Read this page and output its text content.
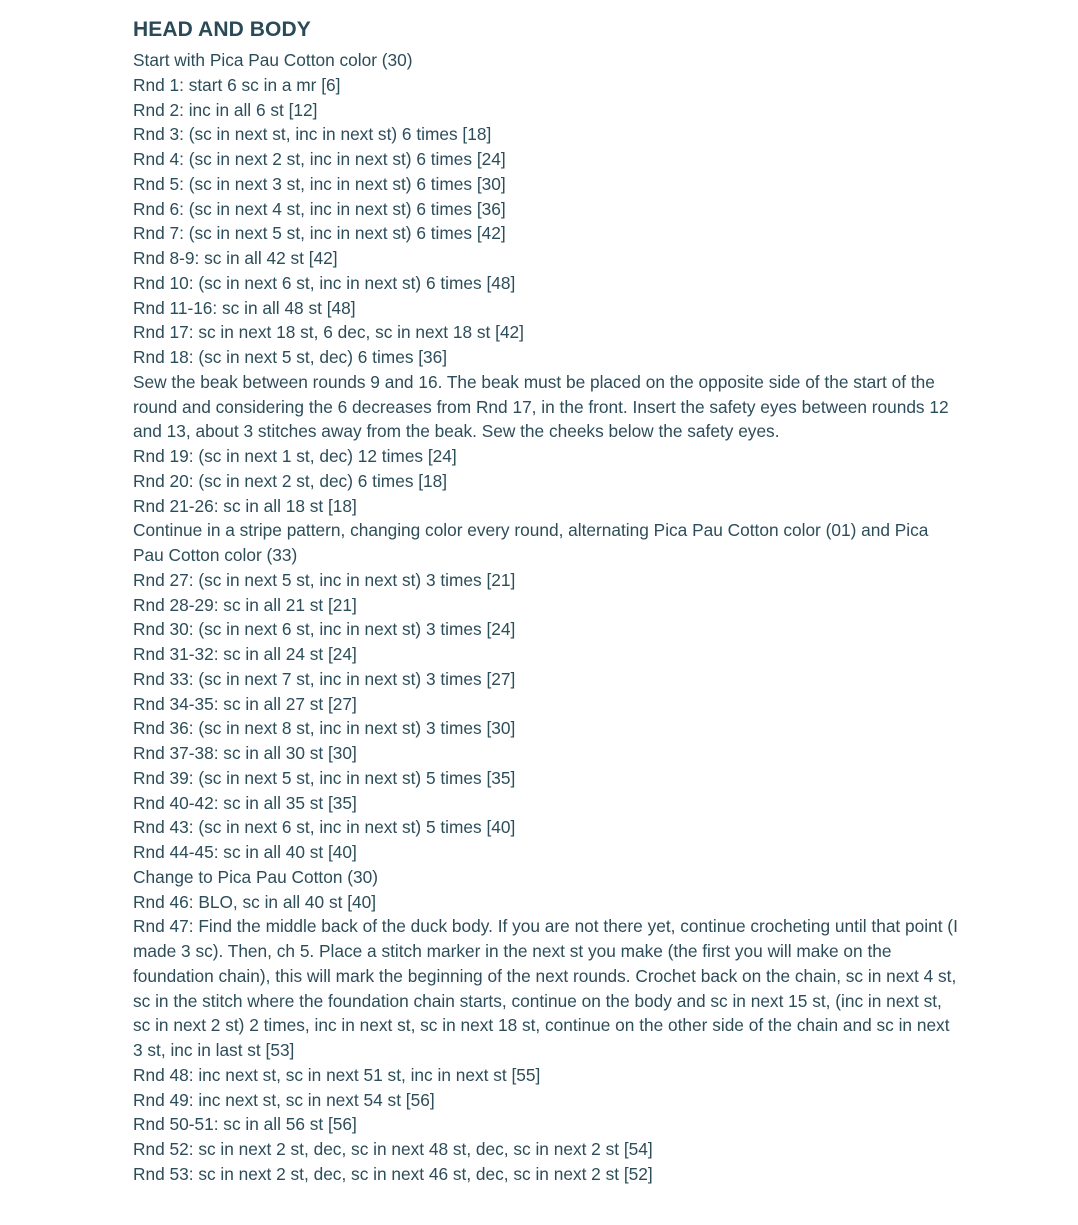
HEAD AND BODY

Start with Pica Pau Cotton color (30)

Rnd 1: start 6 sc in a mr [6]

Rnd 2: inc in all 6 st [12]

Rnd 3: (sc in next st, inc in next st) 6 times [18]

Rnd 4: (sc in next 2 st, inc in next st) 6 times [24]

Rnd 5: (sc in next 3 st, inc in next st) 6 times [30]

Rnd 6: (sc in next 4 st, inc in next st) 6 times [36]

Rnd 7: (sc in next 5 st, inc in next st) 6 times [42]

Rnd 8-9: sc in all 42 st [42]

Rnd 10: (sc in next 6 st, inc in next st) 6 times [48]

Rnd 11-16: sc in all 48 st [48]

Rnd 17: sc in next 18 st, 6 dec, sc in next 18 st [42]

Rnd 18: (sc in next 5 st, dec) 6 times [36]

Sew the beak between rounds 9 and 16. The beak must be placed on the opposite side of the start of the round and considering the 6 decreases from Rnd 17, in the front. Insert the safety eyes between rounds 12 and 13, about 3 stitches away from the beak. Sew the cheeks below the safety eyes.

Rnd 19: (sc in next 1 st, dec) 12 times [24]

Rnd 20: (sc in next 2 st, dec) 6 times [18]

Rnd 21-26: sc in all 18 st [18]

Continue in a stripe pattern, changing color every round, alternating Pica Pau Cotton color (01) and Pica Pau Cotton color (33)

Rnd 27: (sc in next 5 st, inc in next st) 3 times [21]

Rnd 28-29: sc in all 21 st [21]

Rnd 30: (sc in next 6 st, inc in next st) 3 times [24]

Rnd 31-32: sc in all 24 st [24]

Rnd 33: (sc in next 7 st, inc in next st) 3 times [27]

Rnd 34-35: sc in all 27 st [27]

Rnd 36: (sc in next 8 st, inc in next st) 3 times [30]

Rnd 37-38: sc in all 30 st [30]

Rnd 39: (sc in next 5 st, inc in next st) 5 times [35]

Rnd 40-42: sc in all 35 st [35]

Rnd 43: (sc in next 6 st, inc in next st) 5 times [40]

Rnd 44-45: sc in all 40 st [40]

Change to Pica Pau Cotton (30)

Rnd 46: BLO, sc in all 40 st [40]

Rnd 47: Find the middle back of the duck body. If you are not there yet, continue crocheting until that point (I made 3 sc). Then, ch 5. Place a stitch marker in the next st you make (the first you will make on the foundation chain), this will mark the beginning of the next rounds. Crochet back on the chain, sc in next 4 st, sc in the stitch where the foundation chain starts, continue on the body and sc in next 15 st, (inc in next st, sc in next 2 st) 2 times, inc in next st, sc in next 18 st, continue on the other side of the chain and sc in next 3 st, inc in last st [53]

Rnd 48: inc next st, sc in next 51 st, inc in next st [55]

Rnd 49: inc next st, sc in next 54 st [56]

Rnd 50-51: sc in all 56 st [56]

Rnd 52: sc in next 2 st, dec, sc in next 48 st, dec, sc in next 2 st [54]

Rnd 53: sc in next 2 st, dec, sc in next 46 st, dec, sc in next 2 st [52]
